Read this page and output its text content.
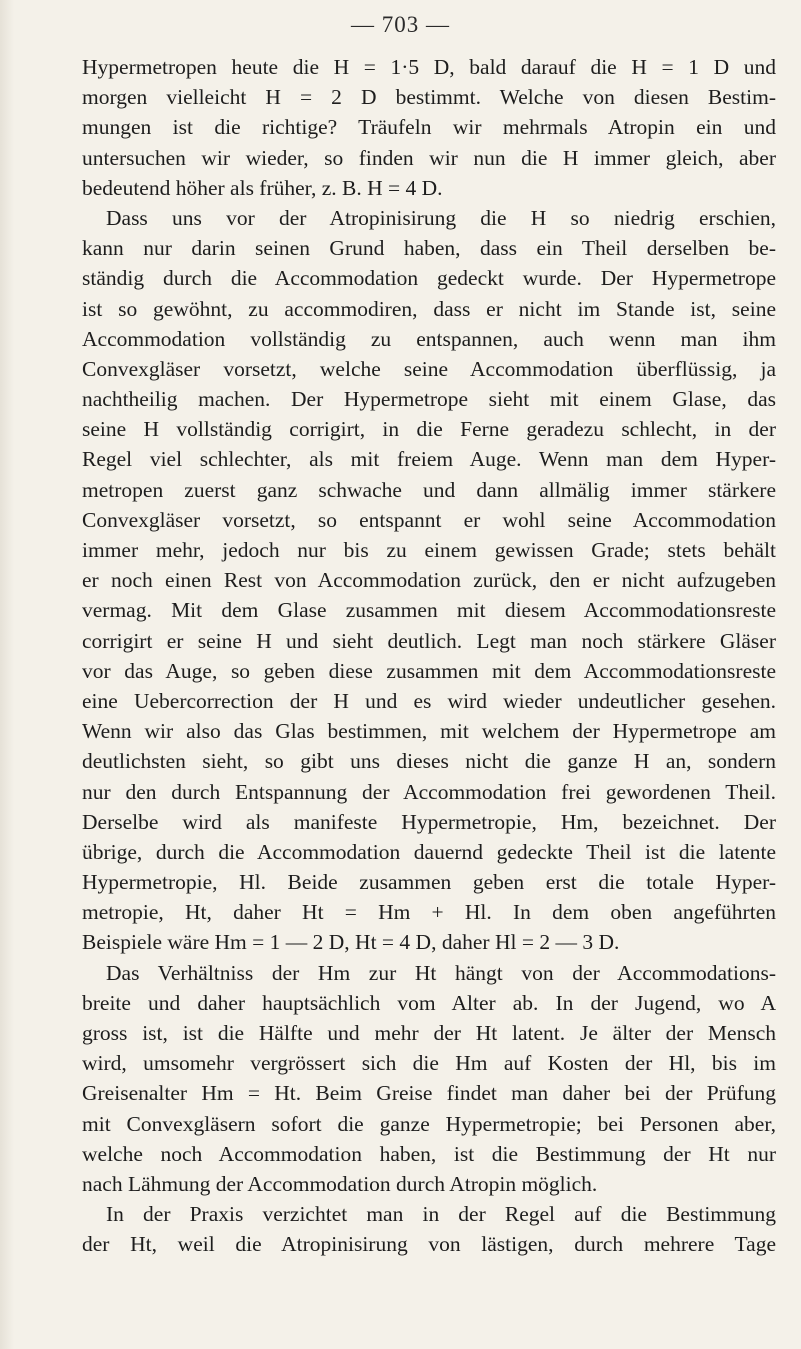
— 703 —
Hypermetropen heute die H = 1·5 D, bald darauf die H = 1 D und
morgen vielleicht H = 2 D bestimmt. Welche von diesen Bestim-
mungen ist die richtige? Träufeln wir mehrmals Atropin ein und
untersuchen wir wieder, so finden wir nun die H immer gleich, aber
bedeutend höher als früher, z. B. H = 4 D.
Dass uns vor der Atropinisirung die H so niedrig erschien,
kann nur darin seinen Grund haben, dass ein Theil derselben be-
ständig durch die Accommodation gedeckt wurde. Der Hypermetrope
ist so gewöhnt, zu accommodiren, dass er nicht im Stande ist, seine
Accommodation vollständig zu entspannen, auch wenn man ihm
Convexgläser vorsetzt, welche seine Accommodation überflüssig, ja
nachtheilig machen. Der Hypermetrope sieht mit einem Glase, das
seine H vollständig corrigirt, in die Ferne geradezu schlecht, in der
Regel viel schlechter, als mit freiem Auge. Wenn man dem Hyper-
metropen zuerst ganz schwache und dann allmälig immer stärkere
Convexgläser vorsetzt, so entspannt er wohl seine Accommodation
immer mehr, jedoch nur bis zu einem gewissen Grade; stets behält
er noch einen Rest von Accommodation zurück, den er nicht aufzugeben
vermag. Mit dem Glase zusammen mit diesem Accommodationsreste
corrigirt er seine H und sieht deutlich. Legt man noch stärkere Gläser
vor das Auge, so geben diese zusammen mit dem Accommodationsreste
eine Uebercorrection der H und es wird wieder undeutlicher gesehen.
Wenn wir also das Glas bestimmen, mit welchem der Hypermetrope am
deutlichsten sieht, so gibt uns dieses nicht die ganze H an, sondern
nur den durch Entspannung der Accommodation frei gewordenen Theil.
Derselbe wird als manifeste Hypermetropie, Hm, bezeichnet. Der
übrige, durch die Accommodation dauernd gedeckte Theil ist die latente
Hypermetropie, Hl. Beide zusammen geben erst die totale Hyper-
metropie, Ht, daher Ht = Hm + Hl. In dem oben angeführten
Beispiele wäre Hm = 1 — 2 D, Ht = 4 D, daher Hl = 2 — 3 D.
Das Verhältniss der Hm zur Ht hängt von der Accommodations-
breite und daher hauptsächlich vom Alter ab. In der Jugend, wo A
gross ist, ist die Hälfte und mehr der Ht latent. Je älter der Mensch
wird, umsomehr vergrössert sich die Hm auf Kosten der Hl, bis im
Greisenalter Hm = Ht. Beim Greise findet man daher bei der Prüfung
mit Convexgläsern sofort die ganze Hypermetropie; bei Personen aber,
welche noch Accommodation haben, ist die Bestimmung der Ht nur
nach Lähmung der Accommodation durch Atropin möglich.
In der Praxis verzichtet man in der Regel auf die Bestimmung
der Ht, weil die Atropinisirung von lästigen, durch mehrere Tage
